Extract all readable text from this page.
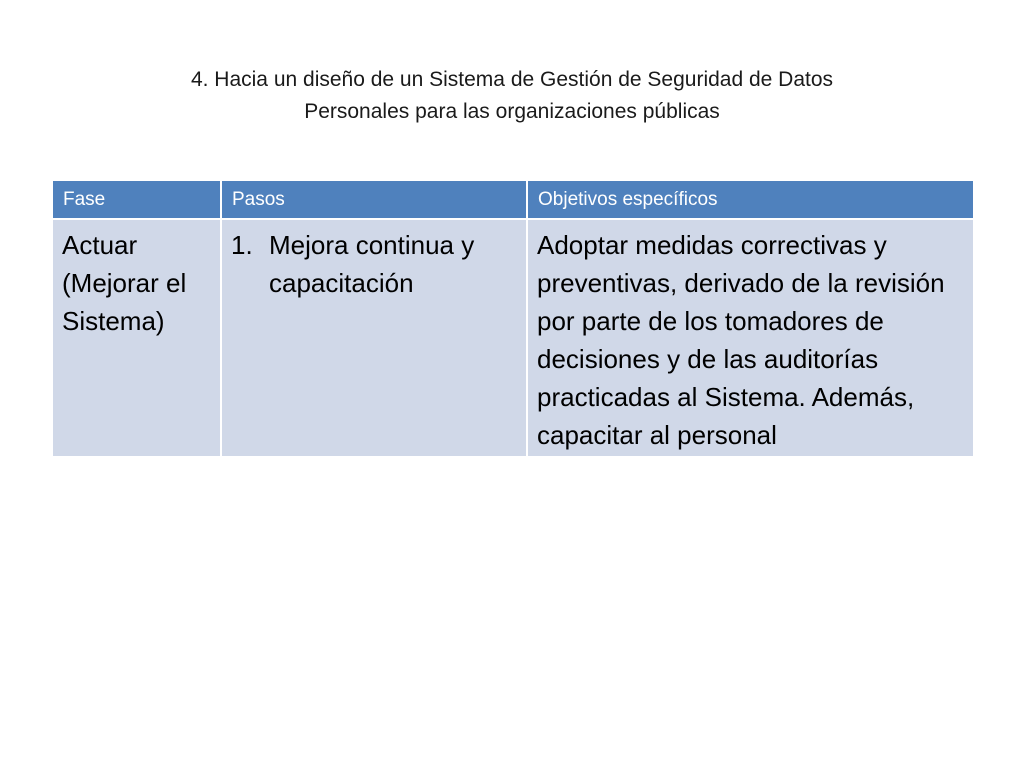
4. Hacia un diseño de un Sistema de Gestión de Seguridad de Datos
Personales para las organizaciones públicas
Fase	Pasos	Objetivos específicos
Actuar (Mejorar el Sistema)	1. Mejora continua y capacitación	Adoptar medidas correctivas y preventivas, derivado de la revisión por parte de los tomadores de decisiones y de las auditorías practicadas al Sistema. Además, capacitar al personal
